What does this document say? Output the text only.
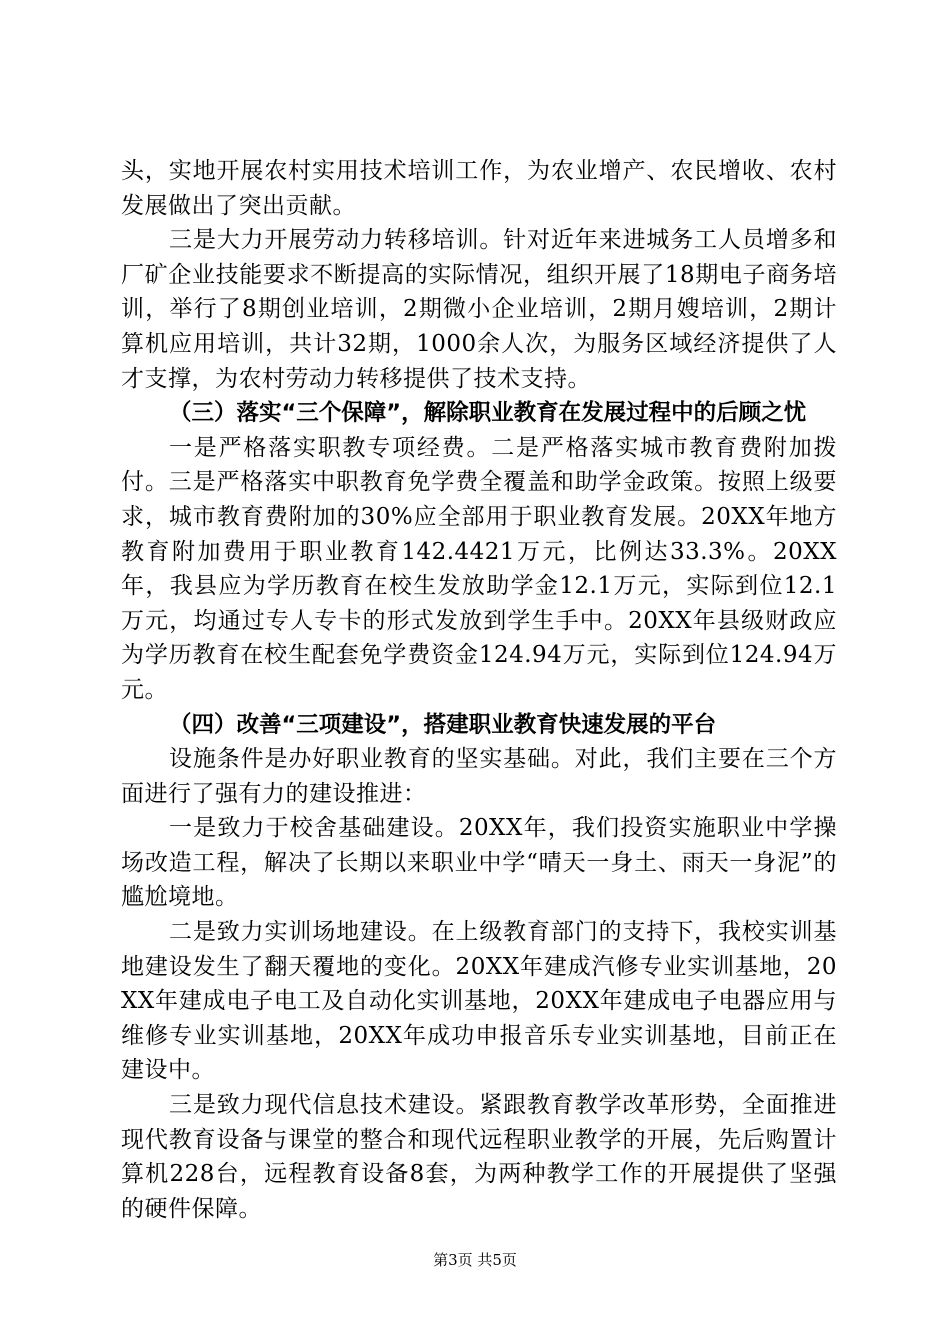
头，实地开展农村实用技术培训工作，为农业增产、农民增收、农村发展做出了突出贡献。

三是大力开展劳动力转移培训。针对近年来进城务工人员增多和厂矿企业技能要求不断提高的实际情况，组织开展了18期电子商务培训，举行了8期创业培训，2期微小企业培训，2期月嫂培训，2期计算机应用培训，共计32期，1000余人次，为服务区域经济提供了人才支撑，为农村劳动力转移提供了技术支持。

（三）落实“三个保障”，解除职业教育在发展过程中的后顾之忧

一是严格落实职教专项经费。二是严格落实城市教育费附加拨付。三是严格落实中职教育免学费全覆盖和助学金政策。按照上级要求，城市教育费附加的30%应全部用于职业教育发展。20XX年地方教育附加费用于职业教育142.4421万元，比例达33.3%。20XX年，我县应为学历教育在校生发放助学金12.1万元，实际到位12.1万元，均通过专人专卡的形式发放到学生手中。20XX年县级财政应为学历教育在校生配套免学费资金124.94万元，实际到位124.94万元。

（四）改善“三项建设”，搭建职业教育快速发展的平台

设施条件是办好职业教育的坚实基础。对此，我们主要在三个方面进行了强有力的建设推进：

一是致力于校舍基础建设。20XX年，我们投资实施职业中学操场改造工程，解决了长期以来职业中学“晴天一身土、雨天一身泥”的尴尬境地。

二是致力实训场地建设。在上级教育部门的支持下，我校实训基地建设发生了翻天覆地的变化。20XX年建成汽修专业实训基地，20XX年建成电子电工及自动化实训基地，20XX年建成电子电器应用与维修专业实训基地，20XX年成功申报音乐专业实训基地，目前正在建设中。

三是致力现代信息技术建设。紧跟教育教学改革形势，全面推进现代教育设备与课堂的整合和现代远程职业教学的开展，先后购置计算机228台，远程教育设备8套，为两种教学工作的开展提供了坚强的硬件保障。

第3页 共5页
